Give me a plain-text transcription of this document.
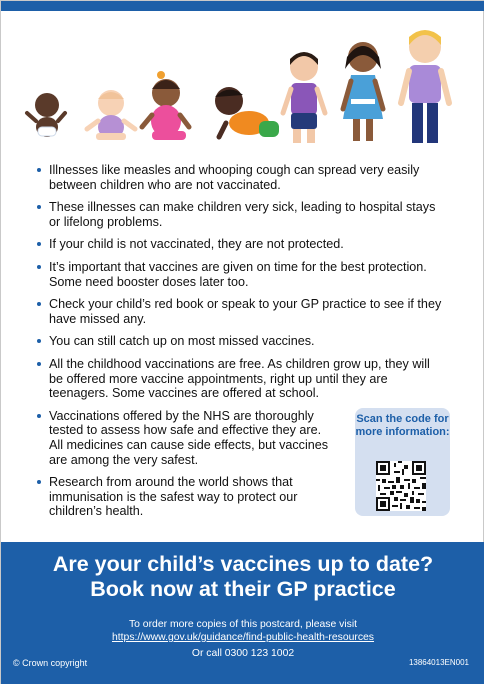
Illnesses like measles and whooping cough can spread very easily between children who are not vaccinated.
These illnesses can make children very sick, leading to hospital stays or lifelong problems.
If your child is not vaccinated, they are not protected.
It’s important that vaccines are given on time for the best protection. Some need booster doses later too.
Check your child’s red book or speak to your GP practice to see if they have missed any.
You can still catch up on most missed vaccines.
All the childhood vaccinations are free. As children grow up, they will be offered more vaccine appointments, right up until they are teenagers. Some vaccines are offered at school.
Vaccinations offered by the NHS are thoroughly tested to assess how safe and effective they are. All medicines can cause side effects, but vaccines are among the very safest.
Research from around the world shows that immunisation is the safest way to protect our children’s health.
Scan the code for more information:
Are your child’s vaccines up to date?
Book now at their GP practice
To order more copies of this postcard, please visit
https://www.gov.uk/guidance/find-public-health-resources
Or call 0300 123 1002
© Crown copyright	13864013EN001
